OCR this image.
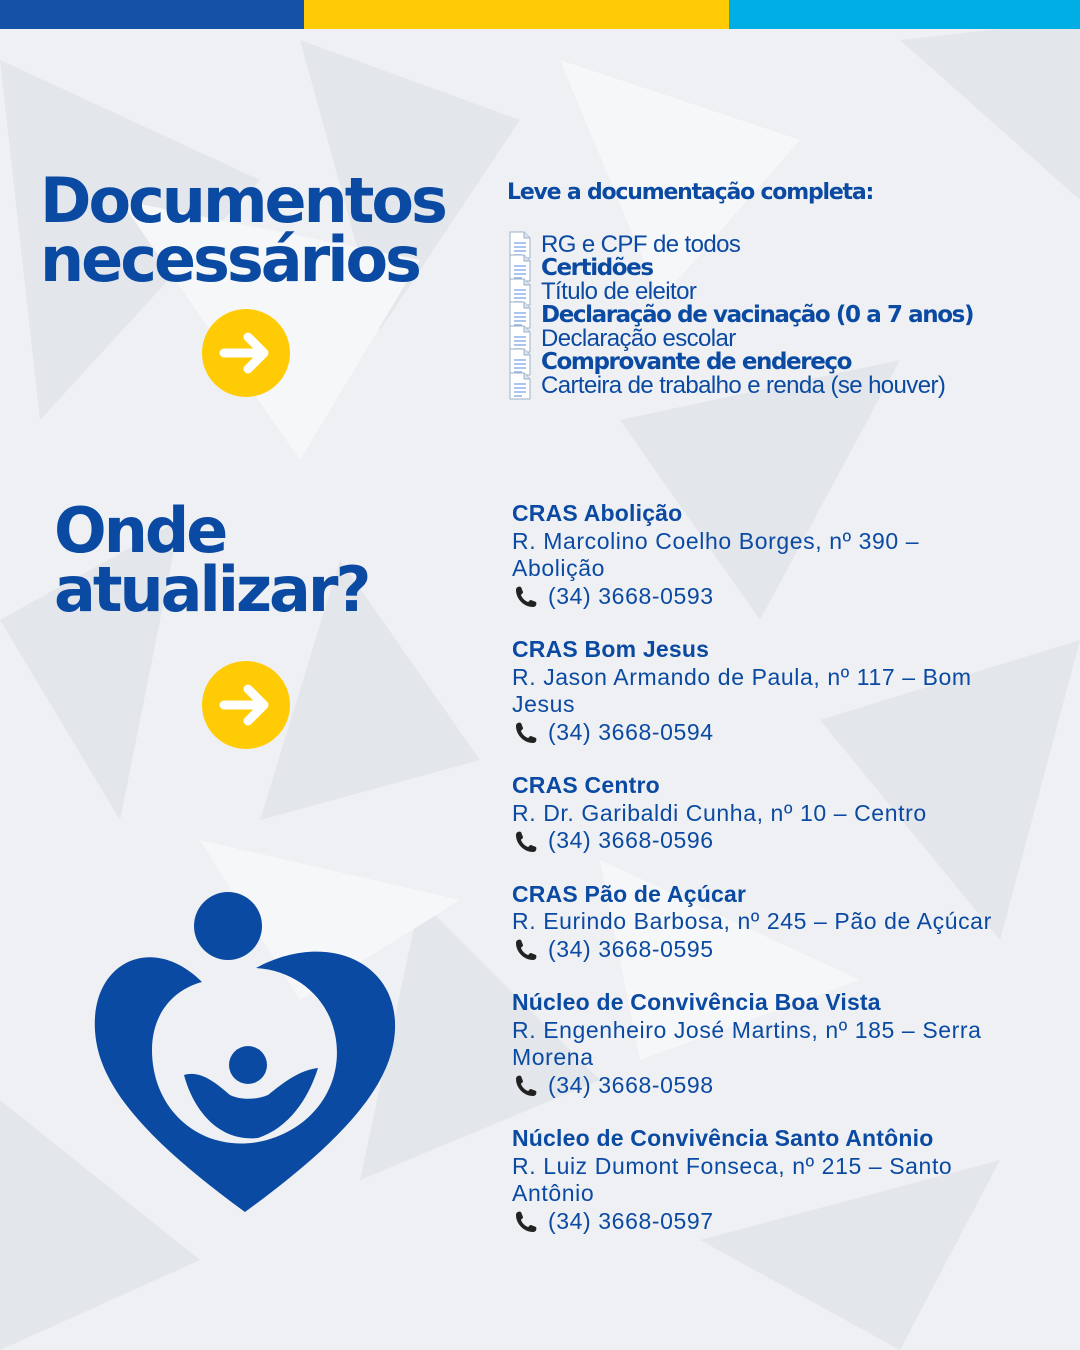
Documentos
necessários

Leve a documentação completa:

RG e CPF de todos
Certidões
Título de eleitor
Declaração de vacinação (0 a 7 anos)
Declaração escolar
Comprovante de endereço
Carteira de trabalho e renda (se houver)
Onde
atualizar?
CRAS Abolição
R. Marcolino Coelho Borges, nº 390 –
Abolição
(34) 3668-0593
CRAS Bom Jesus
R. Jason Armando de Paula, nº 117 – Bom
Jesus
(34) 3668-0594
CRAS Centro
R. Dr. Garibaldi Cunha, nº 10 – Centro
(34) 3668-0596
CRAS Pão de Açúcar
R. Eurindo Barbosa, nº 245 – Pão de Açúcar
(34) 3668-0595
Núcleo de Convivência Boa Vista
R. Engenheiro José Martins, nº 185 – Serra
Morena
(34) 3668-0598
Núcleo de Convivência Santo Antônio
R. Luiz Dumont Fonseca, nº 215 – Santo
Antônio
(34) 3668-0597
